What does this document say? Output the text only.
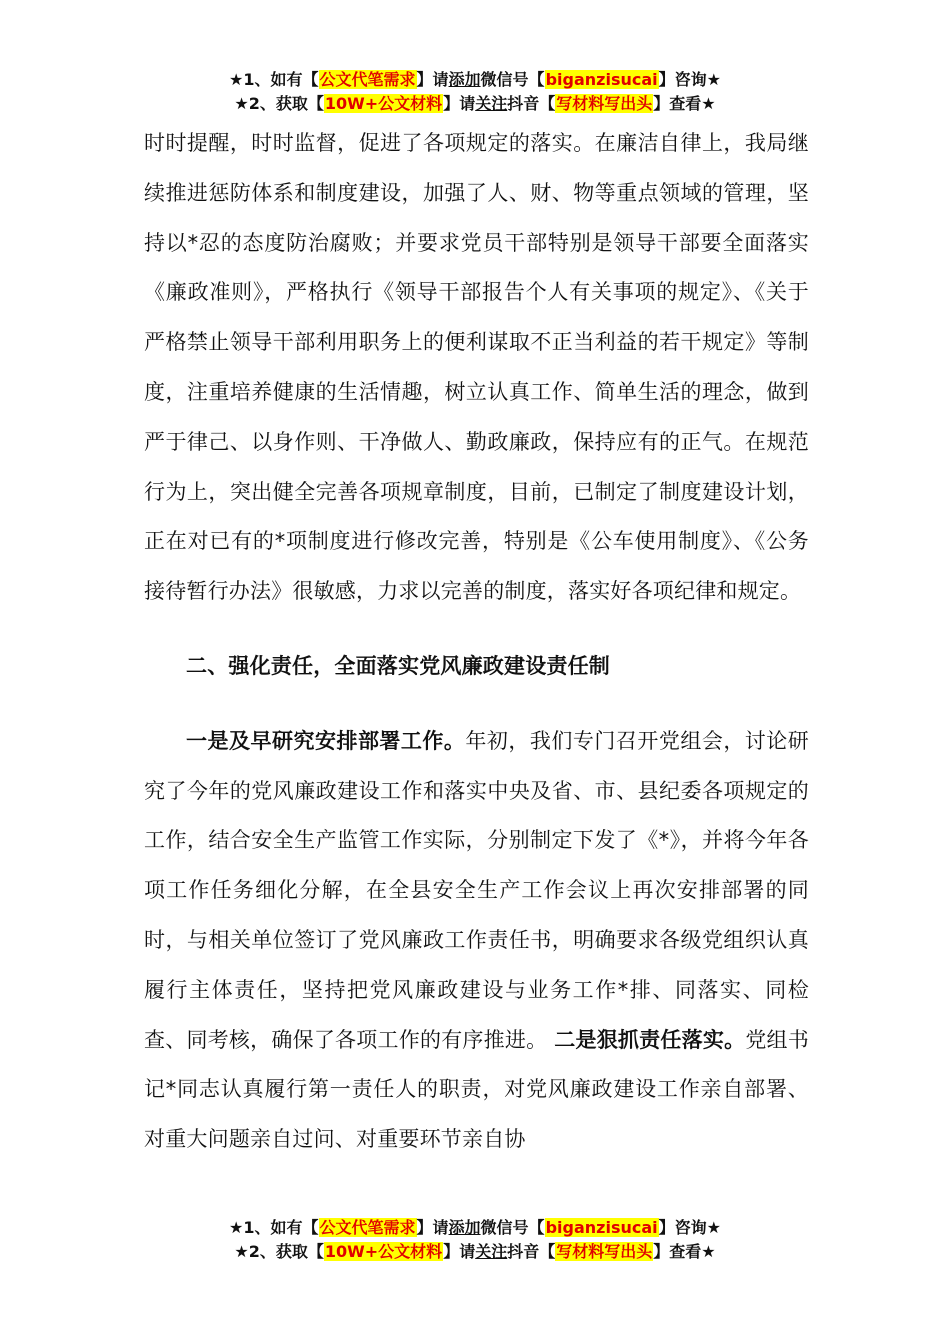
★1、如有【公文代笔需求】请添加微信号【biganzisucai】咨询★
★2、获取【10W+公文材料】请关注抖音【写材料写出头】查看★

时时提醒，时时监督，促进了各项规定的落实。在廉洁自律上，我局继续推进惩防体系和制度建设，加强了人、财、物等重点领域的管理，坚持以*忍的态度防治腐败；并要求党员干部特别是领导干部要全面落实《廉政准则》，严格执行《领导干部报告个人有关事项的规定》、《关于严格禁止领导干部利用职务上的便利谋取不正当利益的若干规定》等制度，注重培养健康的生活情趣，树立认真工作、简单生活的理念，做到严于律己、以身作则、干净做人、勤政廉政，保持应有的正气。在规范行为上，突出健全完善各项规章制度，目前，已制定了制度建设计划，正在对已有的*项制度进行修改完善，特别是《公车使用制度》、《公务接待暂行办法》很敏感，力求以完善的制度，落实好各项纪律和规定。

二、强化责任，全面落实党风廉政建设责任制

一是及早研究安排部署工作。年初，我们专门召开党组会，讨论研究了今年的党风廉政建设工作和落实中央及省、市、县纪委各项规定的工作，结合安全生产监管工作实际，分别制定下发了《*》，并将今年各项工作任务细化分解，在全县安全生产工作会议上再次安排部署的同时，与相关单位签订了党风廉政工作责任书，明确要求各级党组织认真履行主体责任，坚持把党风廉政建设与业务工作*排、同落实、同检查、同考核，确保了各项工作的有序推进。 二是狠抓责任落实。党组书记*同志认真履行第一责任人的职责，对党风廉政建设工作亲自部署、对重大问题亲自过问、对重要环节亲自协

★1、如有【公文代笔需求】请添加微信号【biganzisucai】咨询★
★2、获取【10W+公文材料】请关注抖音【写材料写出头】查看★
